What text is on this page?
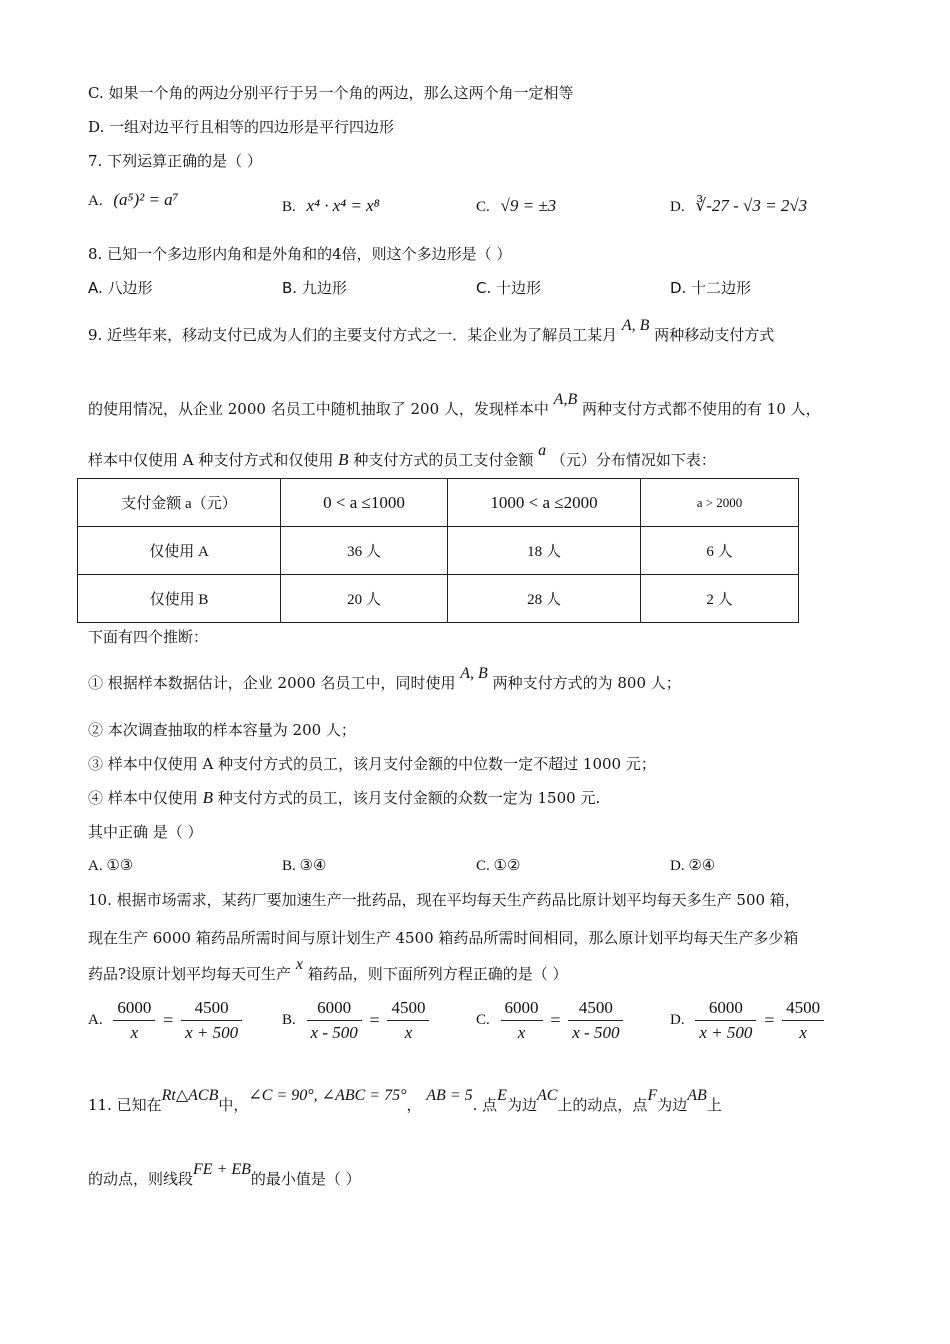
C. 如果一个角的两边分别平行于另一个角的两边，那么这两个角一定相等
D. 一组对边平行且相等的四边形是平行四边形
7. 下列运算正确的是（ ）
A. (a⁵)² = a⁷	B. x⁴ · x⁴ = x⁸	C. √9 = ±3	D. ∛-27 - √3 = 2√3
8. 已知一个多边形内角和是外角和的4倍，则这个多边形是（ ）
A. 八边形	B. 九边形	C. 十边形	D. 十二边形
9. 近些年来，移动支付已成为人们的主要支付方式之一．某企业为了解员工某月 A, B 两种移动支付方式
的使用情况，从企业 2000 名员工中随机抽取了 200 人，发现样本中 A,B 两种支付方式都不使用的有 10 人，
样本中仅使用 A 种支付方式和仅使用 B 种支付方式的员工支付金额 a （元）分布情况如下表：
支付金额 a（元）	0 < a ≤1000	1000 < a ≤2000	a > 2000
仅使用 A	36 人	18 人	6 人
仅使用 B	20 人	28 人	2 人
下面有四个推断：
① 根据样本数据估计，企业 2000 名员工中，同时使用 A, B 两种支付方式的为 800 人；
② 本次调查抽取的样本容量为 200 人；
③ 样本中仅使用 A 种支付方式的员工，该月支付金额的中位数一定不超过 1000 元；
④ 样本中仅使用 B 种支付方式的员工，该月支付金额的众数一定为 1500 元.
其中正确 是（ ）
A. ①③	B. ③④	C. ①②	D. ②④
10. 根据市场需求，某药厂要加速生产一批药品，现在平均每天生产药品比原计划平均每天多生产 500 箱，
现在生产 6000 箱药品所需时间与原计划生产 4500 箱药品所需时间相同，那么原计划平均每天生产多少箱
药品?设原计划平均每天可生产 x 箱药品，则下面所列方程正确的是（ ）
A. $\frac{6000}{x} = \frac{4500}{x + 500}$	B. $\frac{6000}{x - 500} = \frac{4500}{x}$	C. $\frac{6000}{x} = \frac{4500}{x - 500}$	D. $\frac{6000}{x + 500} = \frac{4500}{x}$
11. 已知在Rt△ACB中，∠C = 90°, ∠ABC = 75°， AB = 5. 点E为边AC上的动点，点F为边AB上
的动点，则线段FE + EB的最小值是（ ）
